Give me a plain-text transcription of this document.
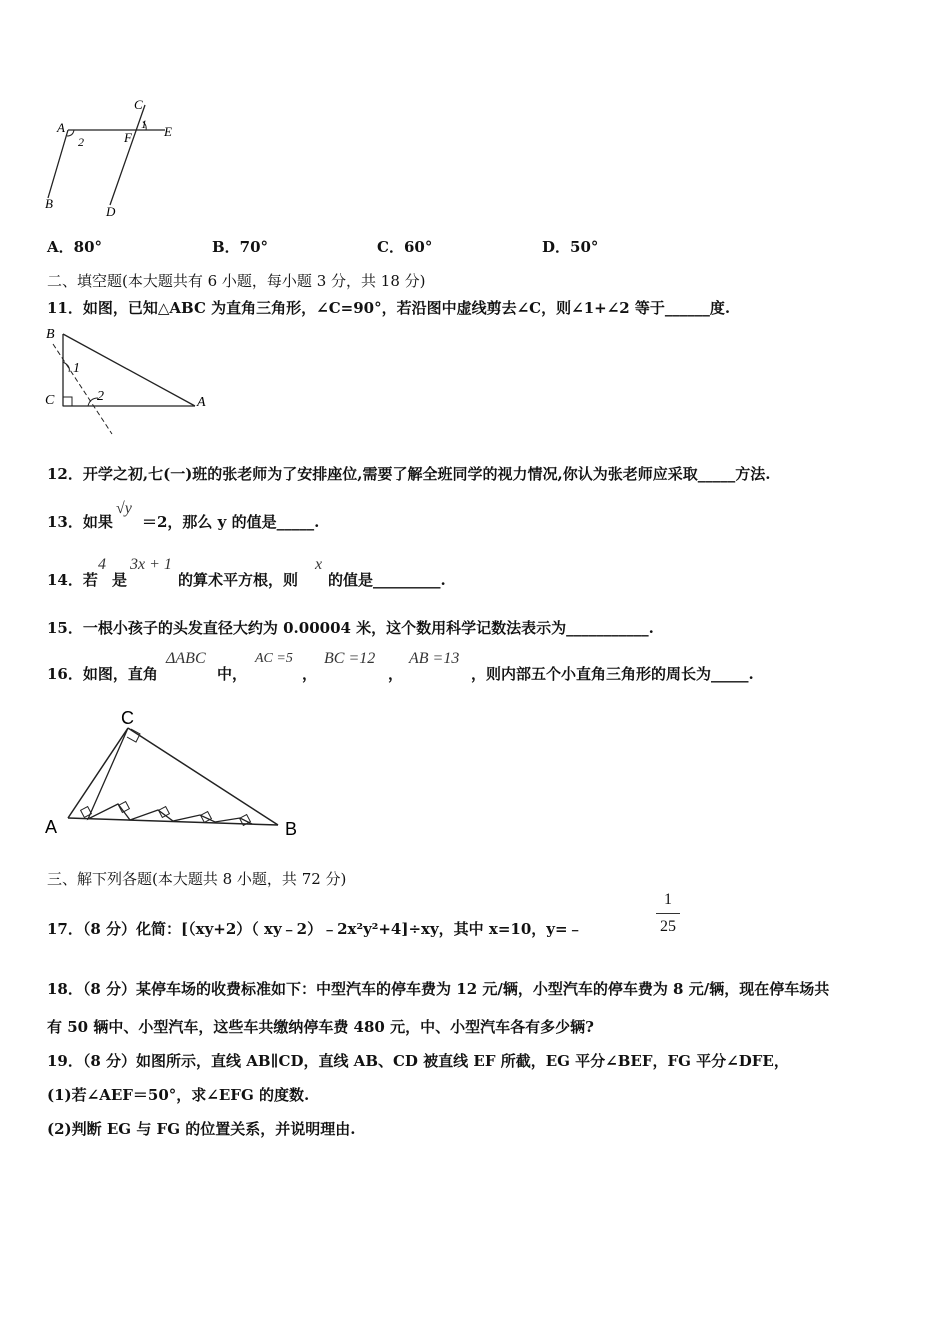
C
A	E
F
1
2
B
D
A．80°	B．70°	C．60°	D．50°
二、填空题(本大题共有 6 小题，每小题 3 分，共 18 分)
11．如图，已知△ABC 为直角三角形，∠C=90°，若沿图中虚线剪去∠C，则∠1+∠2 等于______度.
B
1
C	2	A
12．开学之初,七(一)班的张老师为了安排座位,需要了解全班同学的视力情况,你认为张老师应采取_____方法.
13．如果
√y
＝2，那么 y 的值是_____.
14．若
4
是
3x + 1
的算术平方根，则
x
的值是_________.
15．一根小孩子的头发直径大约为 0.00004 米，这个数用科学记数法表示为___________.
16．如图，直角
ΔABC
中，
AC =5
，
BC =12
，
AB =13
，则内部五个小直角三角形的周长为_____.
C
A	B
三、解下列各题(本大题共 8 小题，共 72 分)
17．（8 分）化简：[（xy+2）（ xy﹣2）﹣2x²y²+4]÷xy，其中 x=10，y=﹣
1
25
18．（8 分）某停车场的收费标准如下：中型汽车的停车费为 12 元/辆，小型汽车的停车费为 8 元/辆，现在停车场共
有 50 辆中、小型汽车，这些车共缴纳停车费 480 元，中、小型汽车各有多少辆?
19．（8 分）如图所示，直线 AB∥CD，直线 AB、CD 被直线 EF 所截，EG 平分∠BEF，FG 平分∠DFE，
(1)若∠AEF＝50°，求∠EFG 的度数.
(2)判断 EG 与 FG 的位置关系，并说明理由.
